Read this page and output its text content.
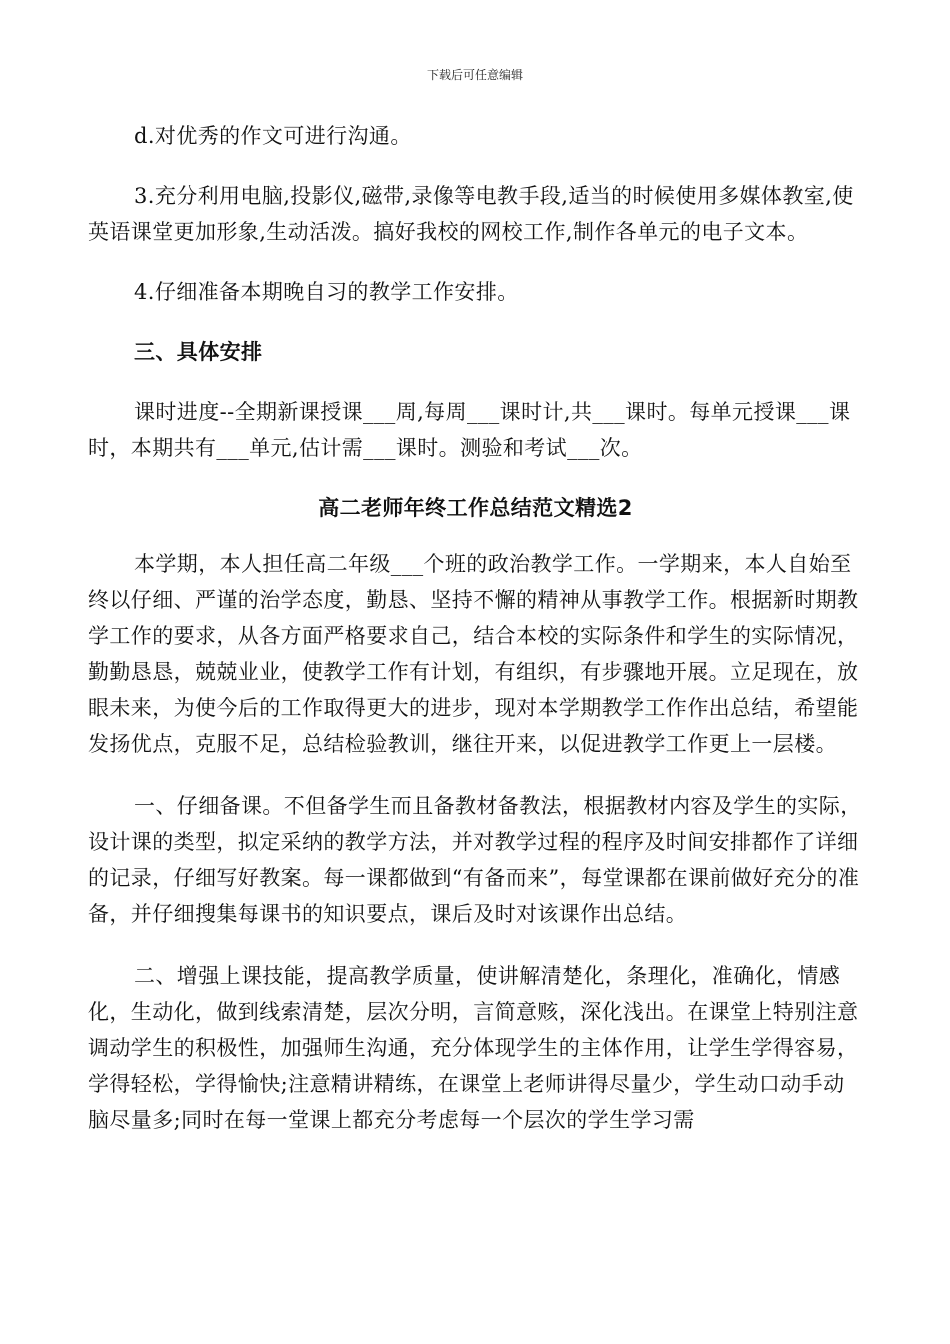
下载后可任意编辑

d.对优秀的作文可进行沟通。

3.充分利用电脑,投影仪,磁带,录像等电教手段,适当的时候使用多媒体教室,使英语课堂更加形象,生动活泼。搞好我校的网校工作,制作各单元的电子文本。

4.仔细准备本期晚自习的教学工作安排。

三、具体安排

课时进度--全期新课授课___周,每周___课时计,共___课时。每单元授课___课时，本期共有___单元,估计需___课时。测验和考试___次。

高二老师年终工作总结范文精选2

本学期，本人担任高二年级___个班的政治教学工作。一学期来，本人自始至终以仔细、严谨的治学态度，勤恳、坚持不懈的精神从事教学工作。根据新时期教学工作的要求，从各方面严格要求自己，结合本校的实际条件和学生的实际情况，勤勤恳恳，兢兢业业，使教学工作有计划，有组织，有步骤地开展。立足现在，放眼未来，为使今后的工作取得更大的进步，现对本学期教学工作作出总结，希望能发扬优点，克服不足，总结检验教训，继往开来，以促进教学工作更上一层楼。

一、仔细备课。不但备学生而且备教材备教法，根据教材内容及学生的实际，设计课的类型，拟定采纳的教学方法，并对教学过程的程序及时间安排都作了详细的记录，仔细写好教案。每一课都做到“有备而来”，每堂课都在课前做好充分的准备，并仔细搜集每课书的知识要点，课后及时对该课作出总结。

二、增强上课技能，提高教学质量，使讲解清楚化，条理化，准确化，情感化，生动化，做到线索清楚，层次分明，言简意赅，深化浅出。在课堂上特别注意调动学生的积极性，加强师生沟通，充分体现学生的主体作用，让学生学得容易，学得轻松，学得愉快;注意精讲精练，在课堂上老师讲得尽量少，学生动口动手动脑尽量多;同时在每一堂课上都充分考虑每一个层次的学生学习需
